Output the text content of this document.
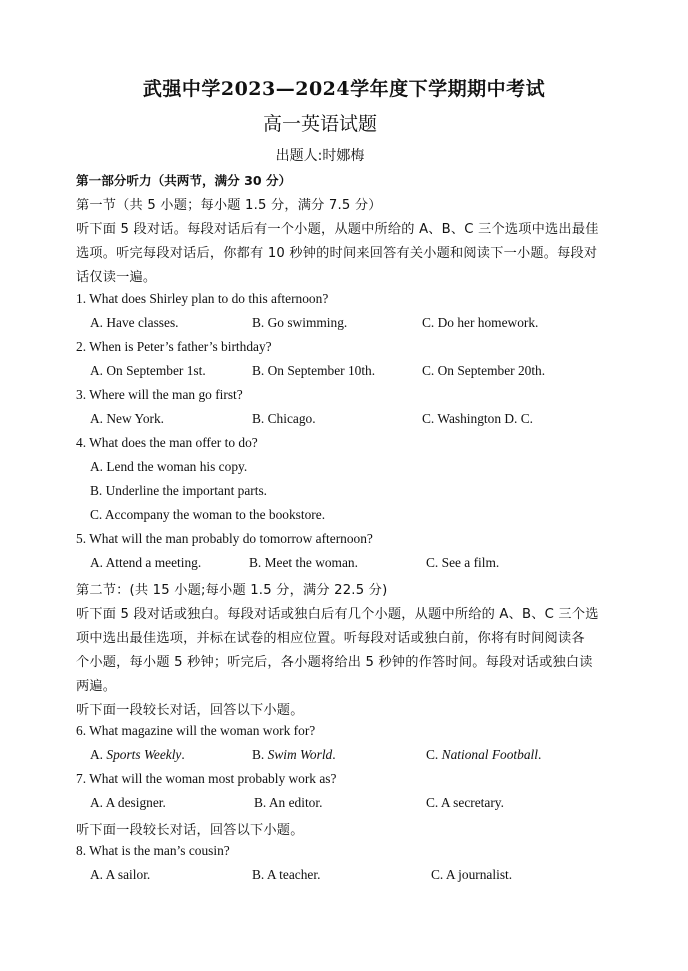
武强中学2023—2024学年度下学期期中考试
高一英语试题
出题人:时娜梅
第一部分听力（共两节，满分 30 分）
第一节（共 5 小题；每小题 1.5 分，满分 7.5 分）
听下面 5 段对话。每段对话后有一个小题，从题中所给的 A、B、C 三个选项中选出最佳
选项。听完每段对话后，你都有 10 秒钟的时间来回答有关小题和阅读下一小题。每段对
话仅读一遍。
1. What does Shirley plan to do this afternoon?
A. Have classes.	B. Go swimming.	C. Do her homework.
2. When is Peter’s father’s birthday?
A. On September 1st.	B. On September 10th.	C. On September 20th.
3. Where will the man go first?
A. New York.	B. Chicago.	C. Washington D. C.
4. What does the man offer to do?
A. Lend the woman his copy.
B. Underline the important parts.
C. Accompany the woman to the bookstore.
5. What will the man probably do tomorrow afternoon?
A. Attend a meeting.	B. Meet the woman.	C. See a film.
第二节：(共 15 小题;每小题 1.5 分，满分 22.5 分)
听下面 5 段对话或独白。每段对话或独白后有几个小题，从题中所给的 A、B、C 三个选
项中选出最佳选项，并标在试卷的相应位置。听每段对话或独白前，你将有时间阅读各
个小题，每小题 5 秒钟；听完后，各小题将给出 5 秒钟的作答时间。每段对话或独白读
两遍。
听下面一段较长对话，回答以下小题。
6. What magazine will the woman work for?
A. Sports Weekly.	B. Swim World.	C. National Football.
7. What will the woman most probably work as?
A. A designer.	B. An editor.	C. A secretary.
听下面一段较长对话，回答以下小题。
8. What is the man’s cousin?
A. A sailor.	B. A teacher.	C. A journalist.
